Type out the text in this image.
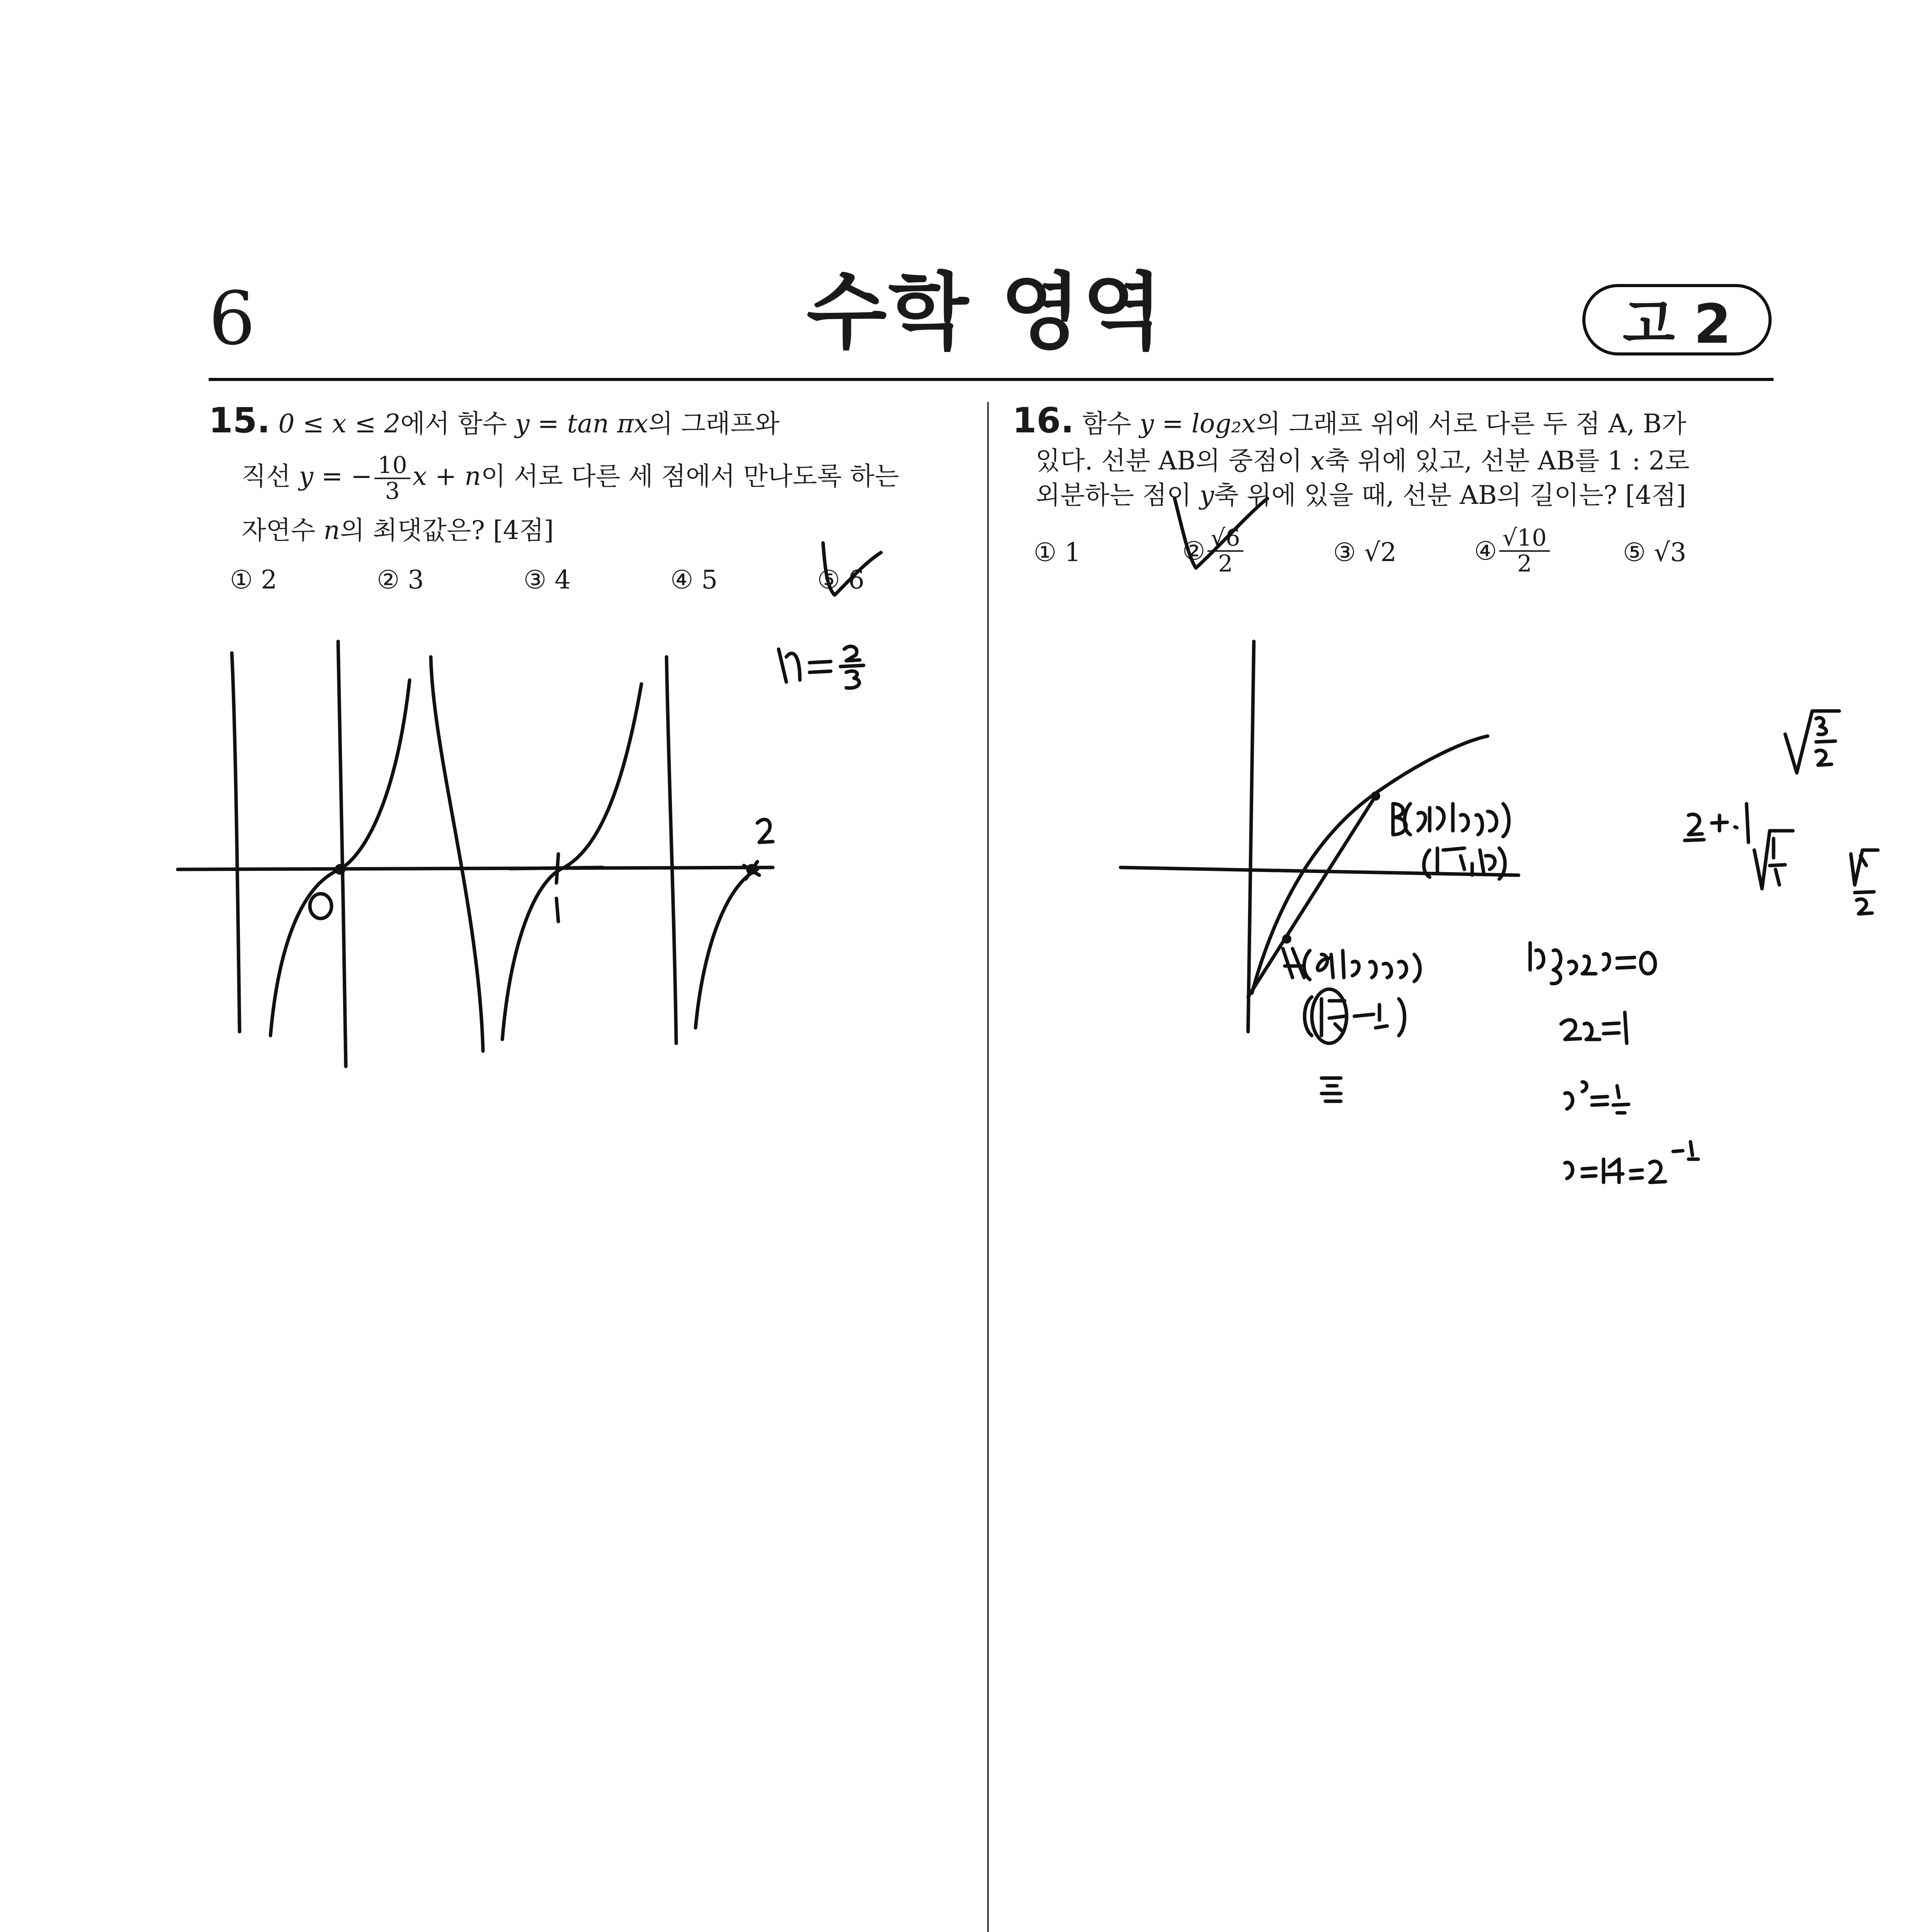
6	수학 영역	고 2
15. 0 ≤ x ≤ 2에서 함수 y = tan πx의 그래프와
직선 y = − $\frac{10}{3}$ x + n이 서로 다른 세 점에서 만나도록 하는
자연수 n의 최댓값은? [4점]
① 2	② 3	③ 4	④ 5	⑤ 6
16. 함수 y = log₂x의 그래프 위에 서로 다른 두 점 A, B가
있다. 선분 AB의 중점이 x축 위에 있고, 선분 AB를 1 : 2로
외분하는 점이 y축 위에 있을 때, 선분 AB의 길이는? [4점]
① 1	② $\frac{√6}{2}$	③ √2	④ $\frac{√10}{2}$	⑤ √3
